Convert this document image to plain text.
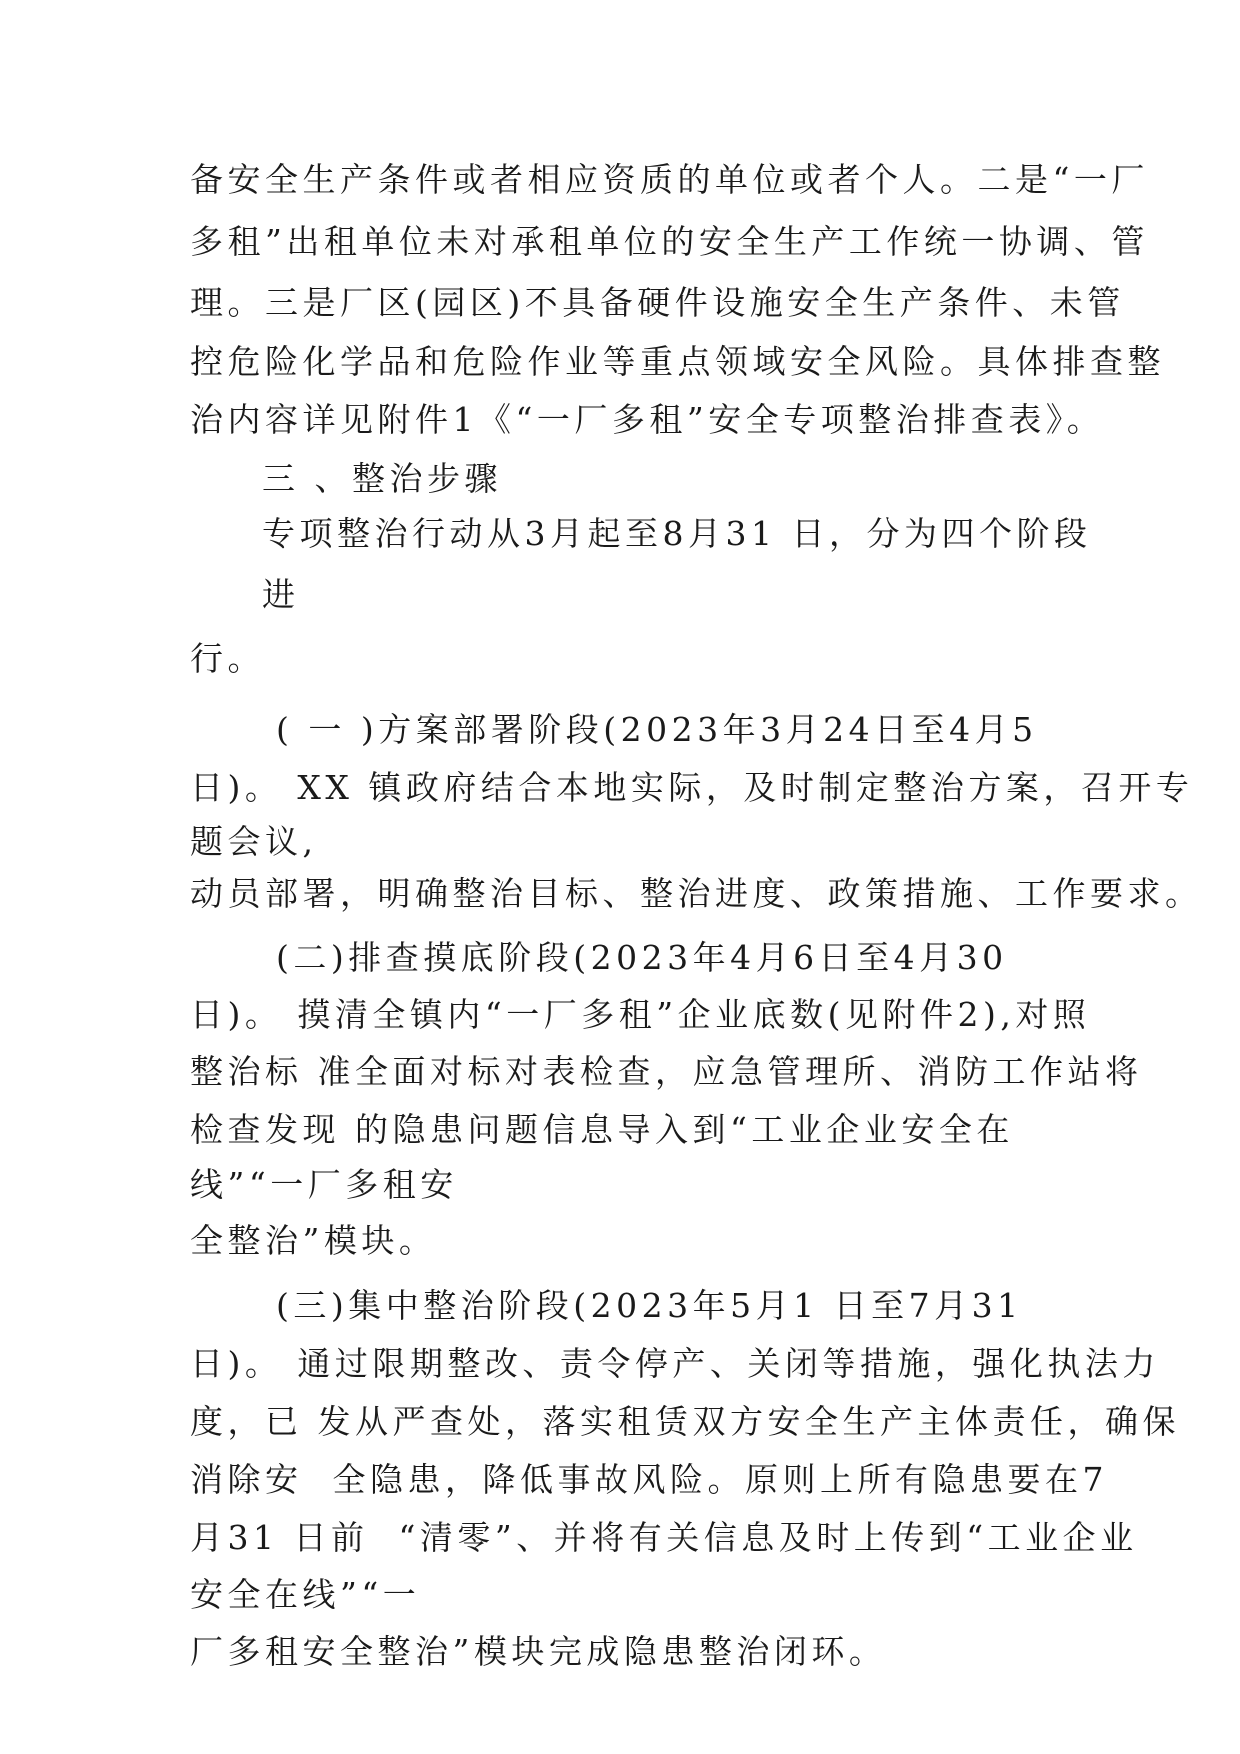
备安全生产条件或者相应资质的单位或者个人。二是“一厂
多租”出租单位未对承租单位的安全生产工作统一协调、管
理。三是厂区(园区)不具备硬件设施安全生产条件、未管
控危险化学品和危险作业等重点领域安全风险。具体排查整
治内容详见附件1《“一厂多租”安全专项整治排查表》。
三 、整治步骤
专项整治行动从3月起至8月31 日，分为四个阶段
进
行。
( 一 )方案部署阶段(2023年3月24日至4月5
日)。 XX 镇政府结合本地实际，及时制定整治方案，召开专
题会议,
动员部署，明确整治目标、整治进度、政策措施、工作要求。
(二)排查摸底阶段(2023年4月6日至4月30
日)。 摸清全镇内“一厂多租”企业底数(见附件2),对照
整治标 准全面对标对表检查，应急管理所、消防工作站将
检查发现 的隐患问题信息导入到“工业企业安全在
线”“一厂多租安
全整治”模块。
(三)集中整治阶段(2023年5月1 日至7月31
日)。 通过限期整改、责令停产、关闭等措施，强化执法力
度，已 发从严查处，落实租赁双方安全生产主体责任，确保
消除安  全隐患，降低事故风险。原则上所有隐患要在7
月31 日前  “清零”、并将有关信息及时上传到“工业企业
安全在线”“一
厂多租安全整治”模块完成隐患整治闭环。
